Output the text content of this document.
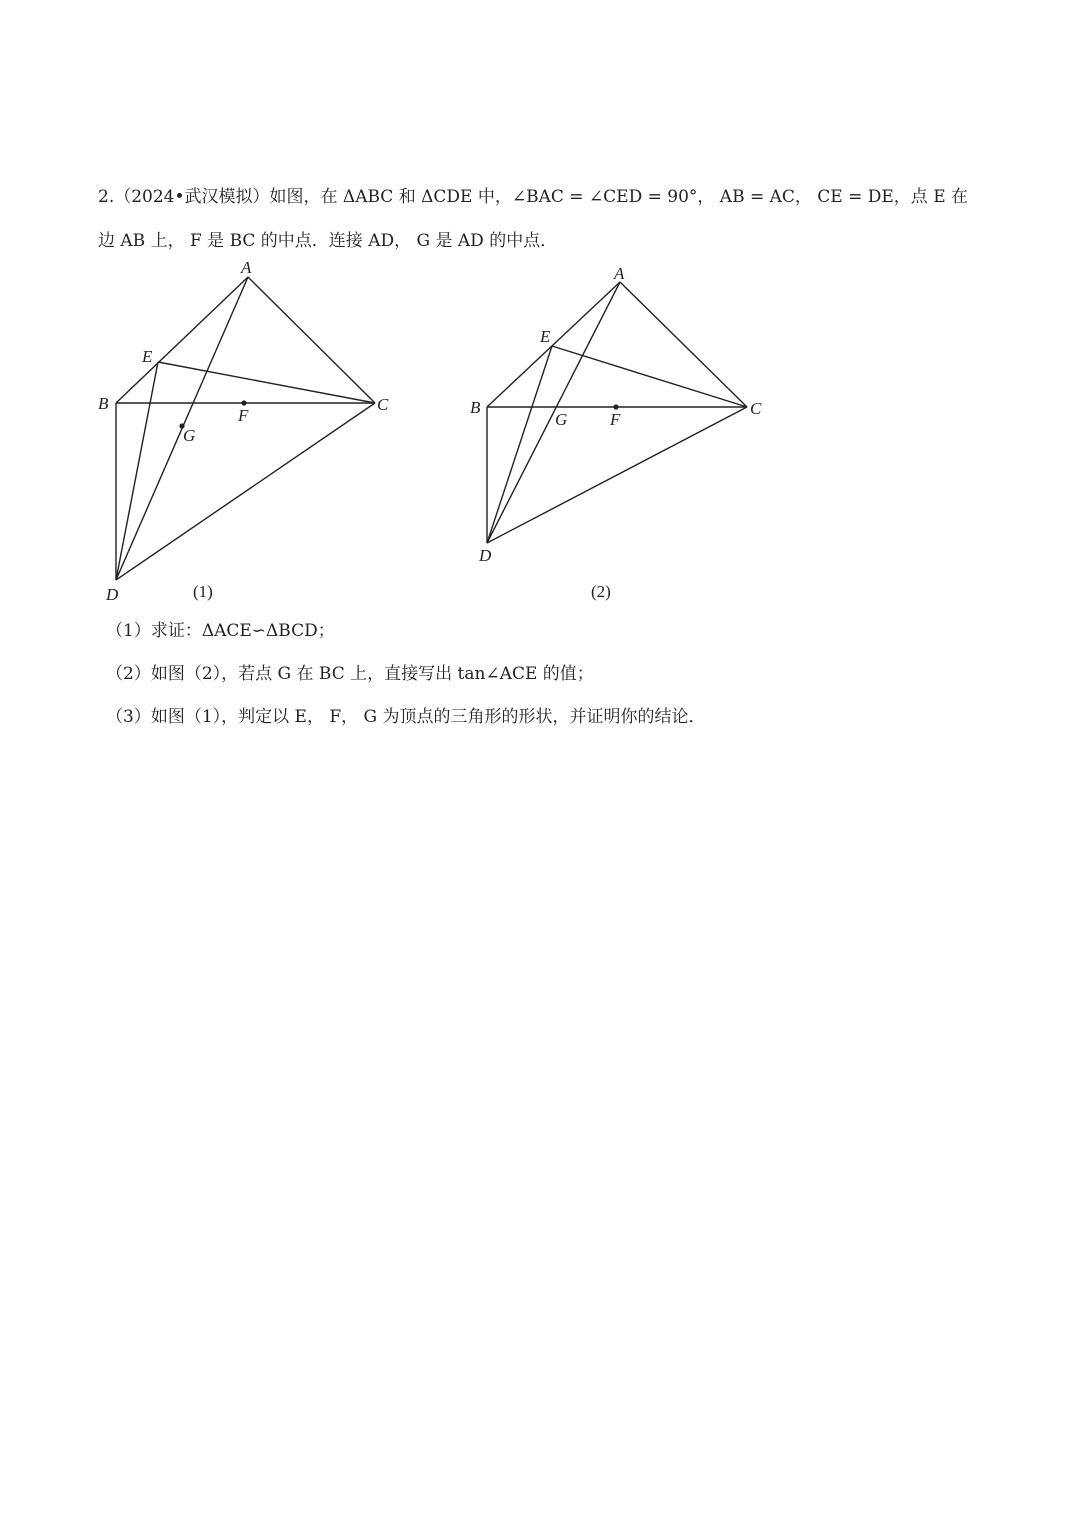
2.（2024•武汉模拟）如图，在 ΔABC 和 ΔCDE 中，∠BAC = ∠CED = 90°， AB = AC， CE = DE，点 E 在
边 AB 上， F 是 BC 的中点．连接 AD， G 是 AD 的中点．
A
E
B	C
F
G
D	(1)
A
E
B	C
G	F
D
(2)
（1）求证：ΔACE∽ΔBCD；
（2）如图（2），若点 G 在 BC 上，直接写出 tan∠ACE 的值；
（3）如图（1），判定以 E， F， G 为顶点的三角形的形状，并证明你的结论．
